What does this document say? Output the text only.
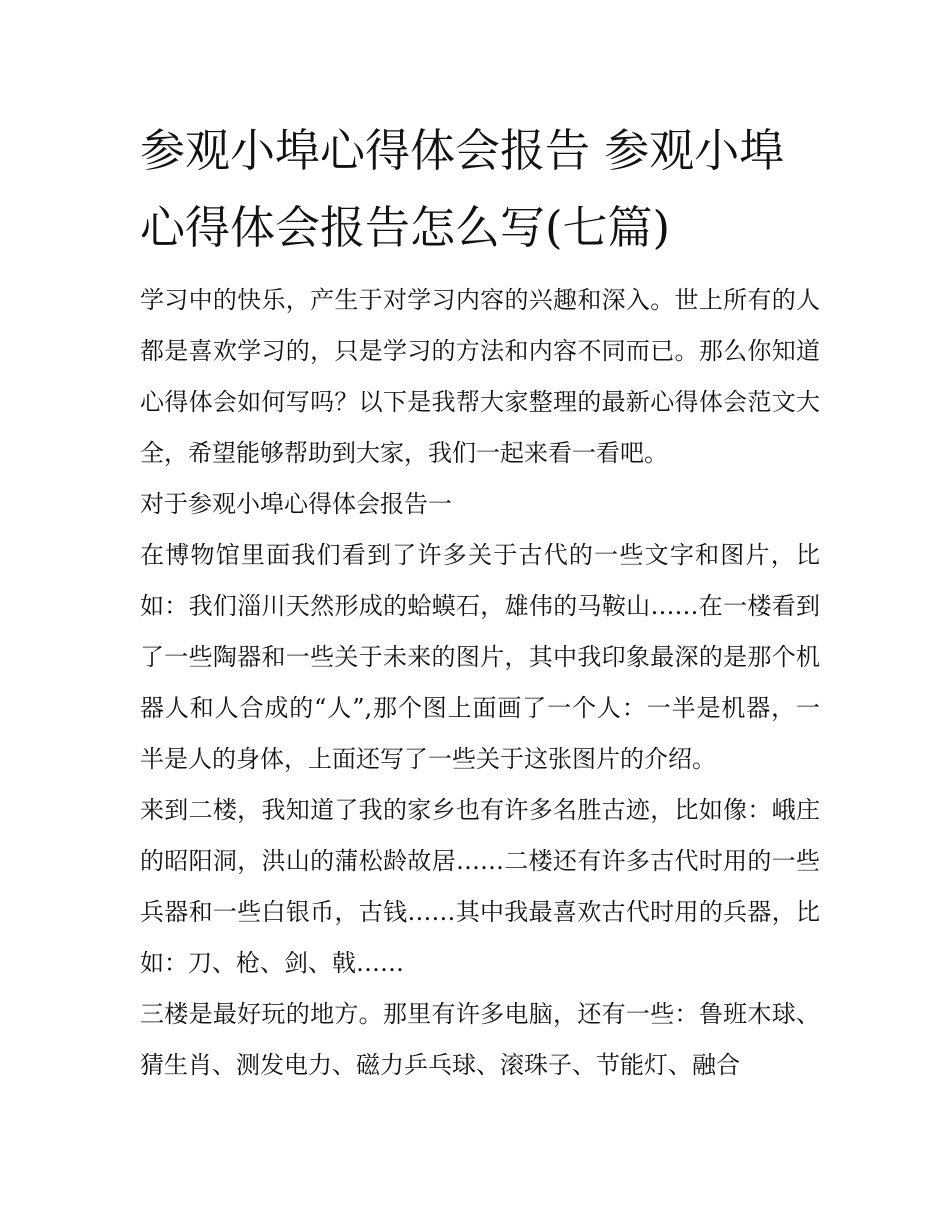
参观小埠心得体会报告 参观小埠心得体会报告怎么写(七篇)

学习中的快乐，产生于对学习内容的兴趣和深入。世上所有的人都是喜欢学习的，只是学习的方法和内容不同而已。那么你知道心得体会如何写吗？以下是我帮大家整理的最新心得体会范文大全，希望能够帮助到大家，我们一起来看一看吧。

对于参观小埠心得体会报告一

在博物馆里面我们看到了许多关于古代的一些文字和图片，比如：我们淄川天然形成的蛤蟆石，雄伟的马鞍山……在一楼看到了一些陶器和一些关于未来的图片，其中我印象最深的是那个机器人和人合成的“人”,那个图上面画了一个人：一半是机器，一半是人的身体，上面还写了一些关于这张图片的介绍。

来到二楼，我知道了我的家乡也有许多名胜古迹，比如像：峨庄的昭阳洞，洪山的蒲松龄故居……二楼还有许多古代时用的一些兵器和一些白银币，古钱……其中我最喜欢古代时用的兵器，比如：刀、枪、剑、戟……

三楼是最好玩的地方。那里有许多电脑，还有一些：鲁班木球、猜生肖、测发电力、磁力乒乓球、滚珠子、节能灯、融合
